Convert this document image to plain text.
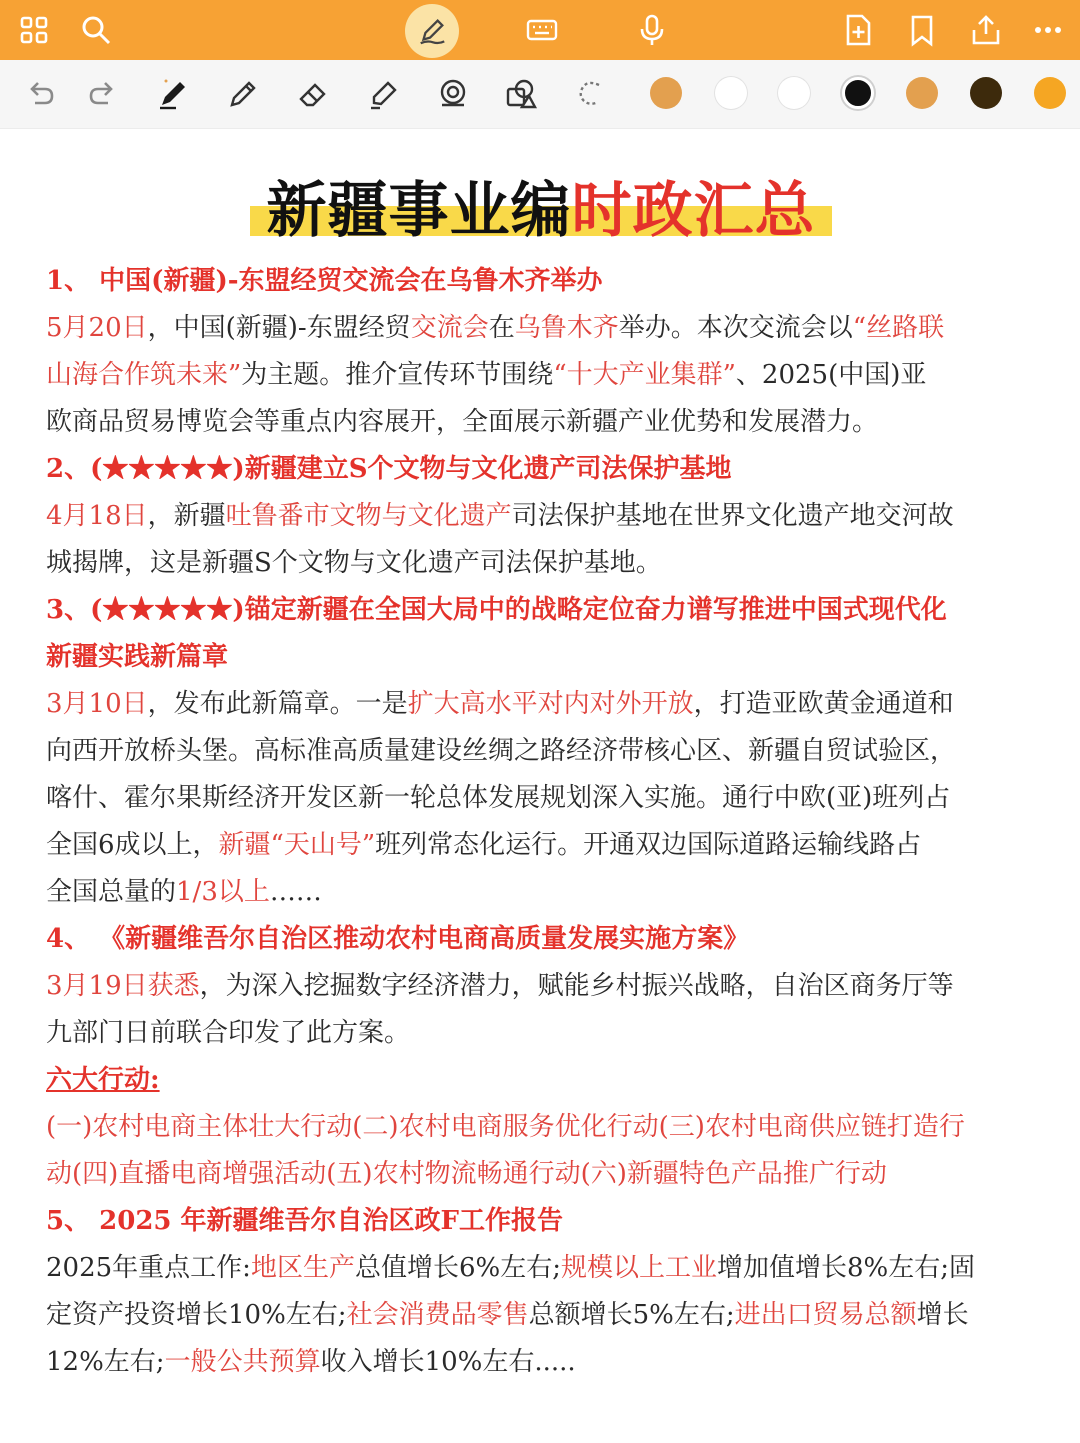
新疆事业编时政汇总
1、 中国(新疆)-东盟经贸交流会在乌鲁木齐举办
5月20日，中国(新疆)-东盟经贸交流会在乌鲁木齐举办。本次交流会以“丝路联
山海合作筑未来”为主题。推介宣传环节围绕“十大产业集群”、2025(中国)亚
欧商品贸易博览会等重点内容展开，全面展示新疆产业优势和发展潜力。
2、(★★★★★)新疆建立S个文物与文化遗产司法保护基地
4月18日，新疆吐鲁番市文物与文化遗产司法保护基地在世界文化遗产地交河故
城揭牌，这是新疆S个文物与文化遗产司法保护基地。
3、(★★★★★)锚定新疆在全国大局中的战略定位奋力谱写推进中国式现代化
新疆实践新篇章
3月10日，发布此新篇章。一是扩大高水平对内对外开放，打造亚欧黄金通道和
向西开放桥头堡。高标准高质量建设丝绸之路经济带核心区、新疆自贸试验区，
喀什、霍尔果斯经济开发区新一轮总体发展规划深入实施。通行中欧(亚)班列占
全国6成以上，新疆“天山号”班列常态化运行。开通双边国际道路运输线路占
全国总量的1/3以上……
4、 《新疆维吾尔自治区推动农村电商高质量发展实施方案》
3月19日获悉，为深入挖掘数字经济潜力，赋能乡村振兴战略，自治区商务厅等
九部门日前联合印发了此方案。
六大行动:
(一)农村电商主体壮大行动(二)农村电商服务优化行动(三)农村电商供应链打造行
动(四)直播电商增强活动(五)农村物流畅通行动(六)新疆特色产品推广行动
5、 2025 年新疆维吾尔自治区政F工作报告
2025年重点工作:地区生产总值增长6%左右;规模以上工业增加值增长8%左右;固
定资产投资增长10%左右;社会消费品零售总额增长5%左右;进出口贸易总额增长
12%左右;一般公共预算收入增长10%左右.....
